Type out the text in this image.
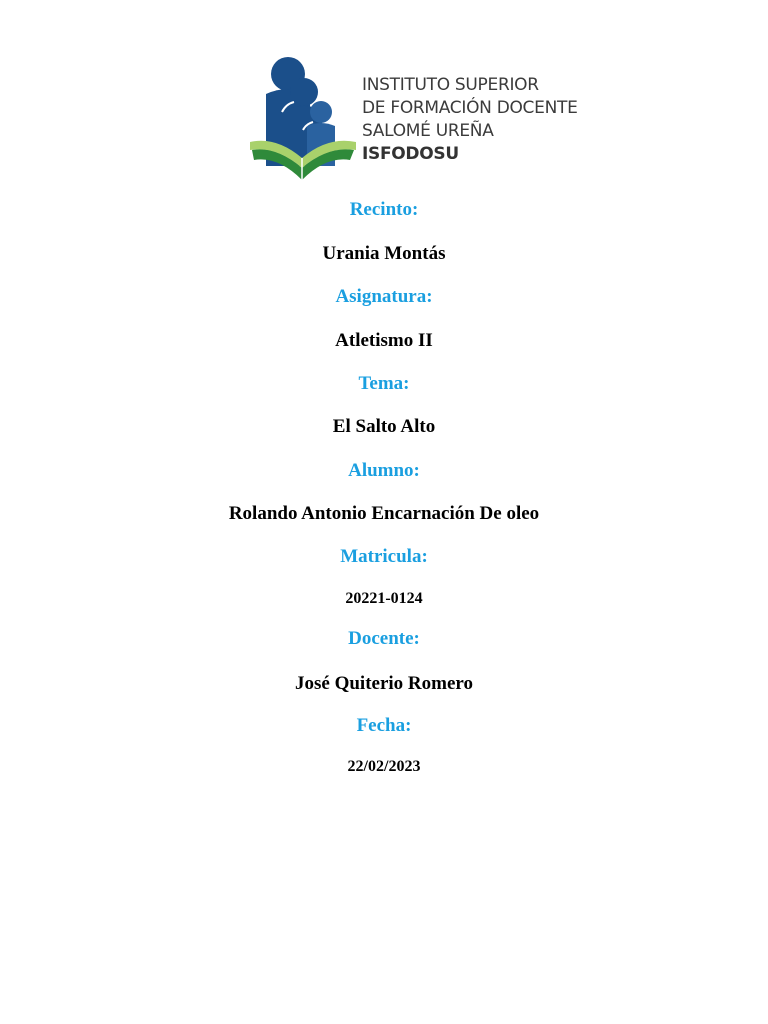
INSTITUTO SUPERIOR
DE FORMACIÓN DOCENTE
SALOMÉ UREÑA
ISFODOSU
Recinto:
Urania Montás
Asignatura:
Atletismo II
Tema:
El Salto Alto
Alumno:
Rolando Antonio Encarnación De oleo
Matricula:
20221-0124
Docente:
José Quiterio Romero
Fecha:
22/02/2023
